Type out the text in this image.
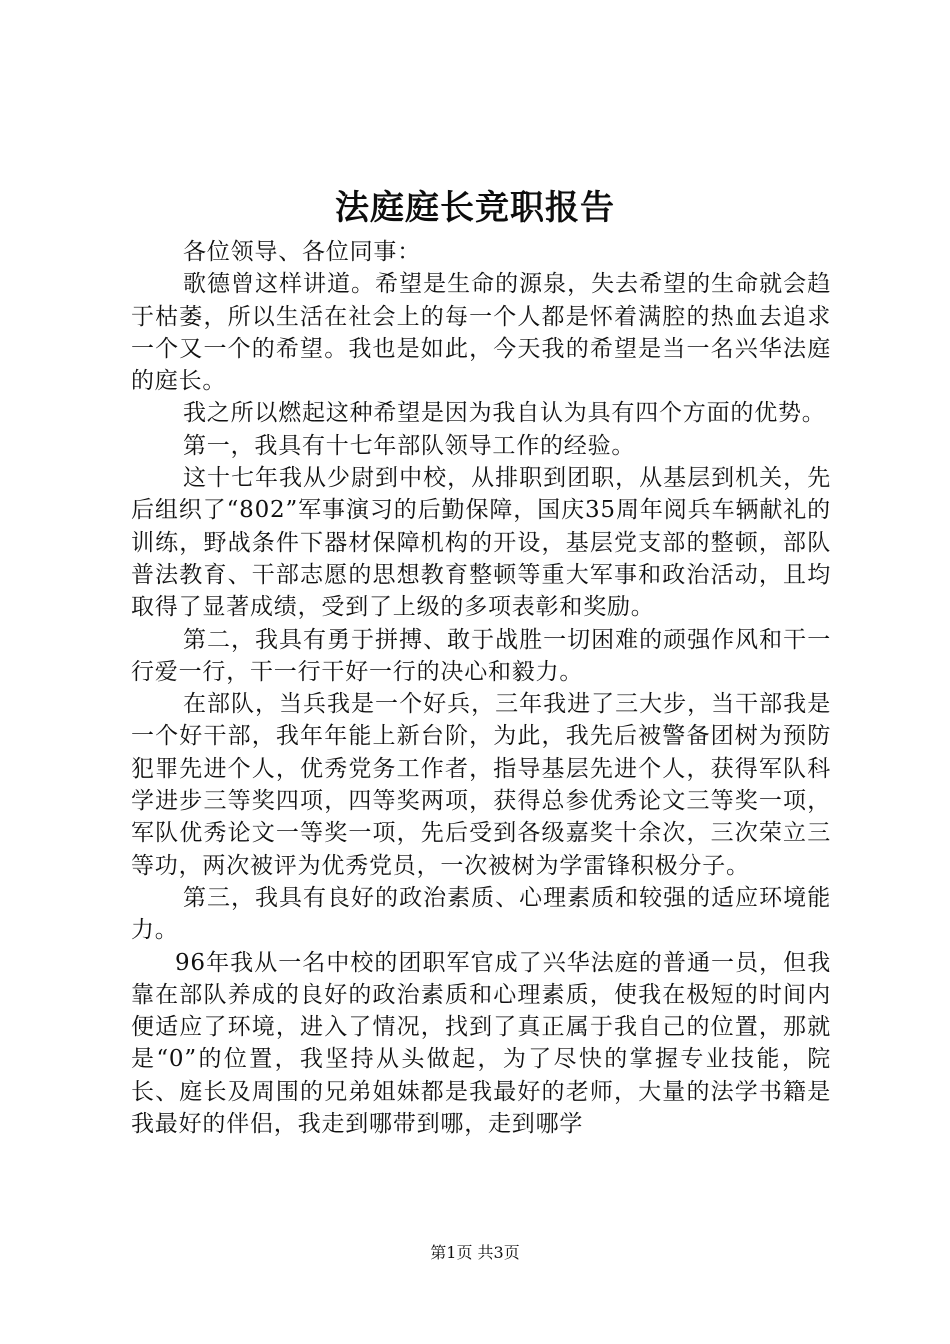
法庭庭长竞职报告

各位领导、各位同事：

歌德曾这样讲道。希望是生命的源泉，失去希望的生命就会趋于枯萎，所以生活在社会上的每一个人都是怀着满腔的热血去追求一个又一个的希望。我也是如此，今天我的希望是当一名兴华法庭的庭长。

我之所以燃起这种希望是因为我自认为具有四个方面的优势。

第一，我具有十七年部队领导工作的经验。

这十七年我从少尉到中校，从排职到团职，从基层到机关，先后组织了“802”军事演习的后勤保障，国庆35周年阅兵车辆献礼的训练，野战条件下器材保障机构的开设，基层党支部的整顿，部队普法教育、干部志愿的思想教育整顿等重大军事和政治活动，且均取得了显著成绩，受到了上级的多项表彰和奖励。

第二，我具有勇于拼搏、敢于战胜一切困难的顽强作风和干一行爱一行，干一行干好一行的决心和毅力。

在部队，当兵我是一个好兵，三年我进了三大步，当干部我是一个好干部，我年年能上新台阶，为此，我先后被警备团树为预防犯罪先进个人，优秀党务工作者，指导基层先进个人，获得军队科学进步三等奖四项，四等奖两项，获得总参优秀论文三等奖一项，军队优秀论文一等奖一项，先后受到各级嘉奖十余次，三次荣立三等功，两次被评为优秀党员，一次被树为学雷锋积极分子。

第三，我具有良好的政治素质、心理素质和较强的适应环境能力。

96年我从一名中校的团职军官成了兴华法庭的普通一员，但我靠在部队养成的良好的政治素质和心理素质，使我在极短的时间内便适应了环境，进入了情况，找到了真正属于我自己的位置，那就是“0”的位置，我坚持从头做起，为了尽快的掌握专业技能，院长、庭长及周围的兄弟姐妹都是我最好的老师，大量的法学书籍是我最好的伴侣，我走到哪带到哪，走到哪学

第1页 共3页
